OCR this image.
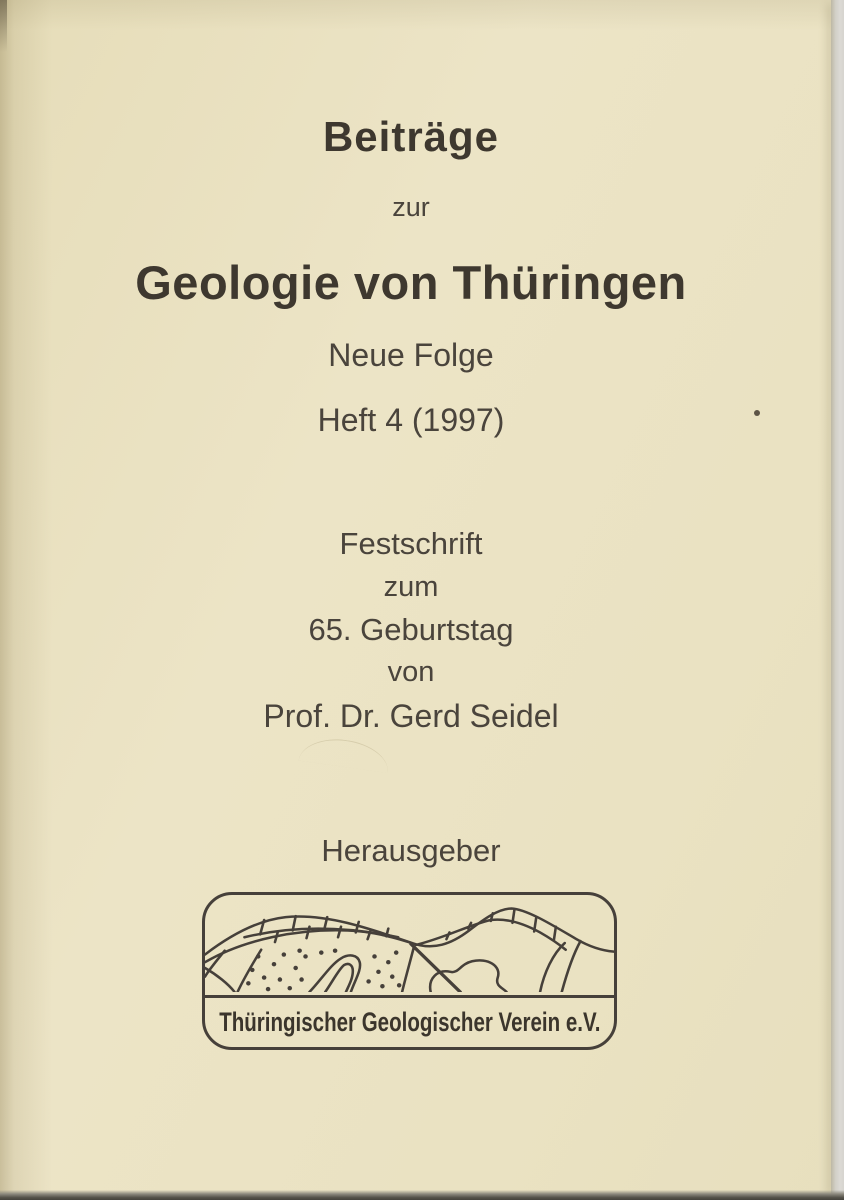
Beiträge
zur
Geologie von Thüringen
Neue Folge
Heft 4 (1997)
Festschrift
zum
65. Geburtstag
von
Prof. Dr. Gerd Seidel
Herausgeber
Thüringischer Geologischer Verein e.V.
